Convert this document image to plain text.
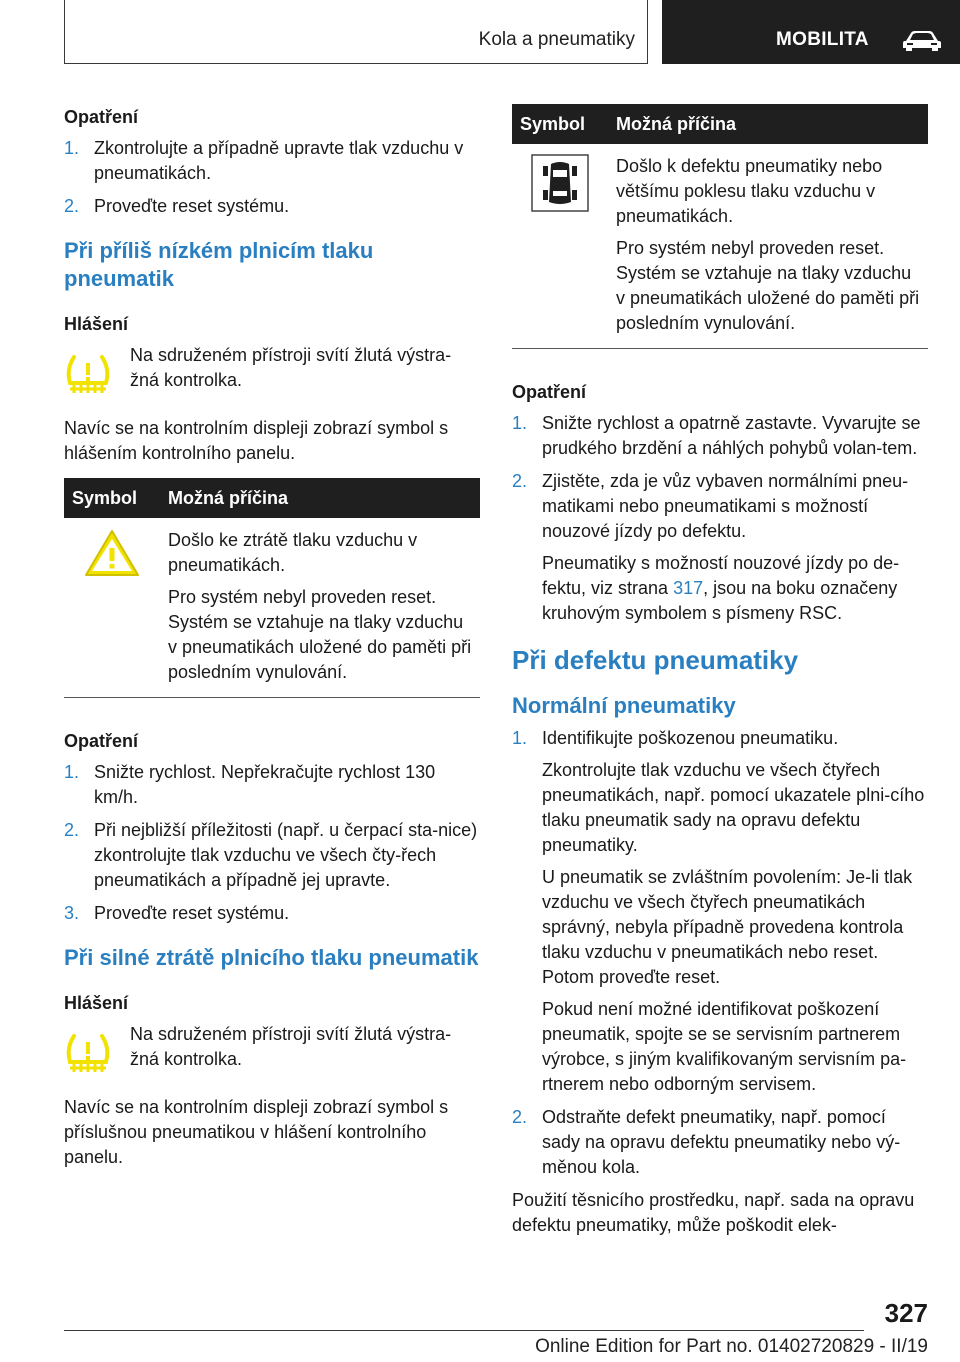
Kola a pneumatiky	MOBILITA
Opatření
1. Zkontrolujte a případně upravte tlak vzduchu v pneumatikách.

2. Proveďte reset systému.

Při příliš nízkém plnicím tlaku pneumatik
Hlášení
Na sdruženém přístroji svítí žlutá výstra‐žná kontrolka.

Navíc se na kontrolním displeji zobrazí symbol s hlášením kontrolního panelu.

Symbol	Možná příčina

Došlo ke ztrátě tlaku vzduchu v pneumatikách.

Pro systém nebyl proveden reset. Systém se vztahuje na tlaky vzduchu v pneumatikách uložené do paměti při posledním vynulování.

Opatření
1. Snižte rychlost. Nepřekračujte rychlost 130 km/h.

2. Při nejbližší příležitosti (např. u čerpací sta‐nice) zkontrolujte tlak vzduchu ve všech čty‐řech pneumatikách a případně jej upravte.

3. Proveďte reset systému.

Při silné ztrátě plnicího tlaku pneumatik
Hlášení
Na sdruženém přístroji svítí žlutá výstra‐žná kontrolka.

Navíc se na kontrolním displeji zobrazí symbol s příslušnou pneumatikou v hlášení kontrolního panelu.

Symbol	Možná příčina

Došlo k defektu pneumatiky nebo většímu poklesu tlaku vzduchu v pneumatikách.

Pro systém nebyl proveden reset. Systém se vztahuje na tlaky vzduchu v pneumatikách uložené do paměti při posledním vynulování.

Opatření
1. Snižte rychlost a opatrně zastavte. Vyvarujte se prudkého brzdění a náhlých pohybů volan‐tem.

2. Zjistěte, zda je vůz vybaven normálními pneu‐matikami nebo pneumatikami s možností nouzové jízdy po defektu.

Pneumatiky s možností nouzové jízdy po de‐fektu, viz strana 317, jsou na boku označeny kruhovým symbolem s písmeny RSC.

Při defektu pneumatiky
Normální pneumatiky
1. Identifikujte poškozenou pneumatiku.

Zkontrolujte tlak vzduchu ve všech čtyřech pneumatikách, např. pomocí ukazatele plni‐cího tlaku pneumatik sady na opravu defektu pneumatiky.

U pneumatik se zvláštním povolením: Je-li tlak vzduchu ve všech čtyřech pneumatikách správný, nebyla případně provedena kontrola tlaku vzduchu v pneumatikách nebo reset. Potom proveďte reset.

Pokud není možné identifikovat poškození pneumatik, spojte se se servisním partnerem výrobce, s jiným kvalifikovaným servisním pa‐rtnerem nebo odborným servisem.

2. Odstraňte defekt pneumatiky, např. pomocí sady na opravu defektu pneumatiky nebo vý‐měnou kola.

Použití těsnicího prostředku, např. sada na opravu defektu pneumatiky, může poškodit elek‐

327
Online Edition for Part no. 01402720829 - II/19
